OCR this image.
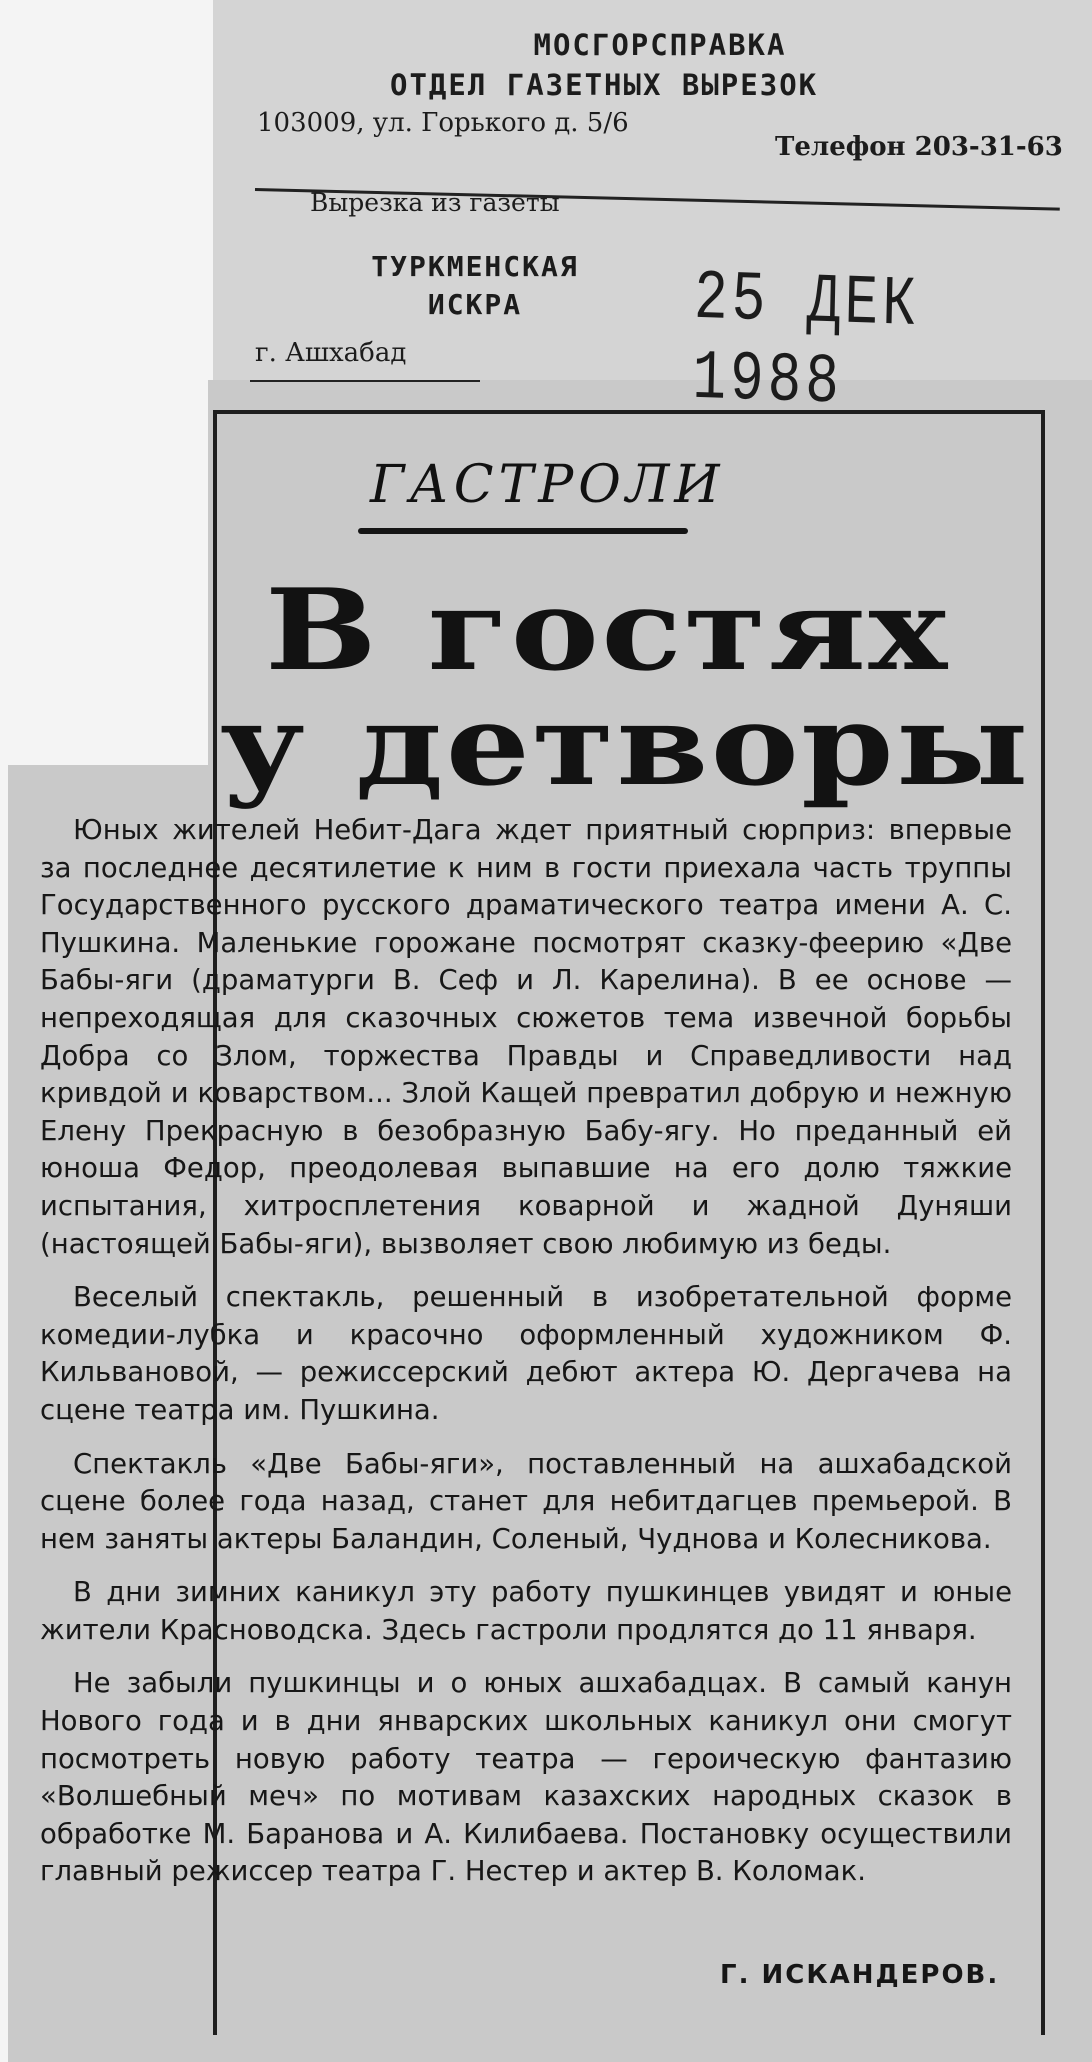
МОСГОРСПРАВКА
ОТДЕЛ ГАЗЕТНЫХ ВЫРЕЗОК
103009, ул. Горького д. 5/6
Телефон 203-31-63
Вырезка из газеты
ТУРКМЕНСКАЯ
ИСКРА	25 ДЕК 1988
г. Ашхабад
ГАСТРОЛИ
В гостях
у детворы

Юных жителей Небит-Дага ждет приятный сюрприз: впервые за последнее десятилетие к ним в гости приехала часть труппы Государственного русского драматического театра имени А. С. Пушкина. Маленькие горожане посмотрят сказку-феерию «Две Бабы-яги (драматурги В. Сеф и Л. Карелина). В ее основе — непреходящая для сказочных сюжетов тема извечной борьбы Добра со Злом, торжества Правды и Справедливости над кривдой и коварством... Злой Кащей превратил добрую и нежную Елену Прекрасную в безобразную Бабу-ягу. Но преданный ей юноша Федор, преодолевая выпавшие на его долю тяжкие испытания, хитросплетения коварной и жадной Дуняши (настоящей Бабы-яги), вызволяет свою любимую из беды.

Веселый спектакль, решенный в изобретательной форме комедии-лубка и красочно оформленный художником Ф. Кильвановой, — режиссерский дебют актера Ю. Дергачева на сцене театра им. Пушкина.

Спектакль «Две Бабы-яги», поставленный на ашхабадской сцене более года назад, станет для небитдагцев премьерой. В нем заняты актеры Баландин, Соленый, Чуднова и Колесникова.

В дни зимних каникул эту работу пушкинцев увидят и юные жители Красноводска. Здесь гастроли продлятся до 11 января.

Не забыли пушкинцы и о юных ашхабадцах. В самый канун Нового года и в дни январских школьных каникул они смогут посмотреть новую работу театра — героическую фантазию «Волшебный меч» по мотивам казахских народных сказок в обработке М. Баранова и А. Килибаева. Постановку осуществили главный режиссер театра Г. Нестер и актер В. Коломак.

Г. ИСКАНДЕРОВ.
